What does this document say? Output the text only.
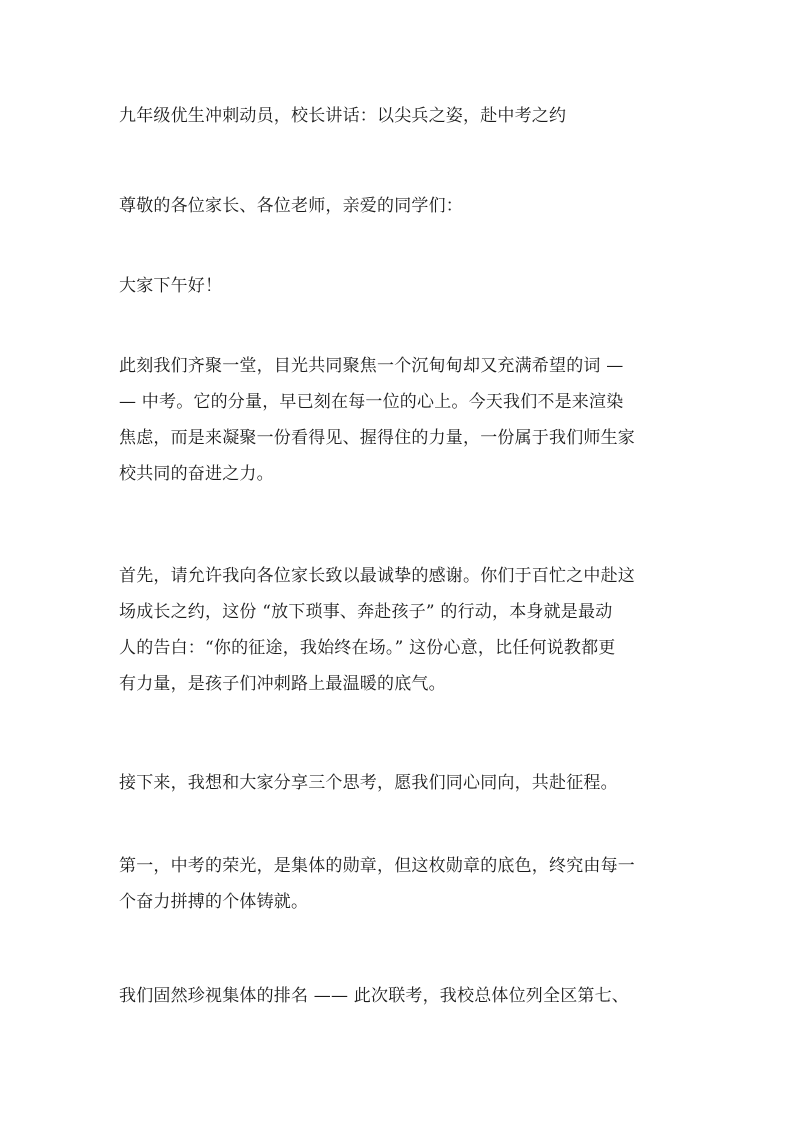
九年级优生冲刺动员，校长讲话：以尖兵之姿，赴中考之约

尊敬的各位家长、各位老师，亲爱的同学们：

大家下午好！

此刻我们齐聚一堂，目光共同聚焦一个沉甸甸却又充满希望的词 —
— 中考。它的分量，早已刻在每一位的心上。今天我们不是来渲染
焦虑，而是来凝聚一份看得见、握得住的力量，一份属于我们师生家
校共同的奋进之力。

首先，请允许我向各位家长致以最诚挚的感谢。你们于百忙之中赴这
场成长之约，这份 “放下琐事、奔赴孩子” 的行动，本身就是最动
人的告白：“你的征途，我始终在场。” 这份心意，比任何说教都更
有力量，是孩子们冲刺路上最温暖的底气。

接下来，我想和大家分享三个思考，愿我们同心同向，共赴征程。

第一，中考的荣光，是集体的勋章，但这枚勋章的底色，终究由每一
个奋力拼搏的个体铸就。

我们固然珍视集体的排名 —— 此次联考，我校总体位列全区第七、
